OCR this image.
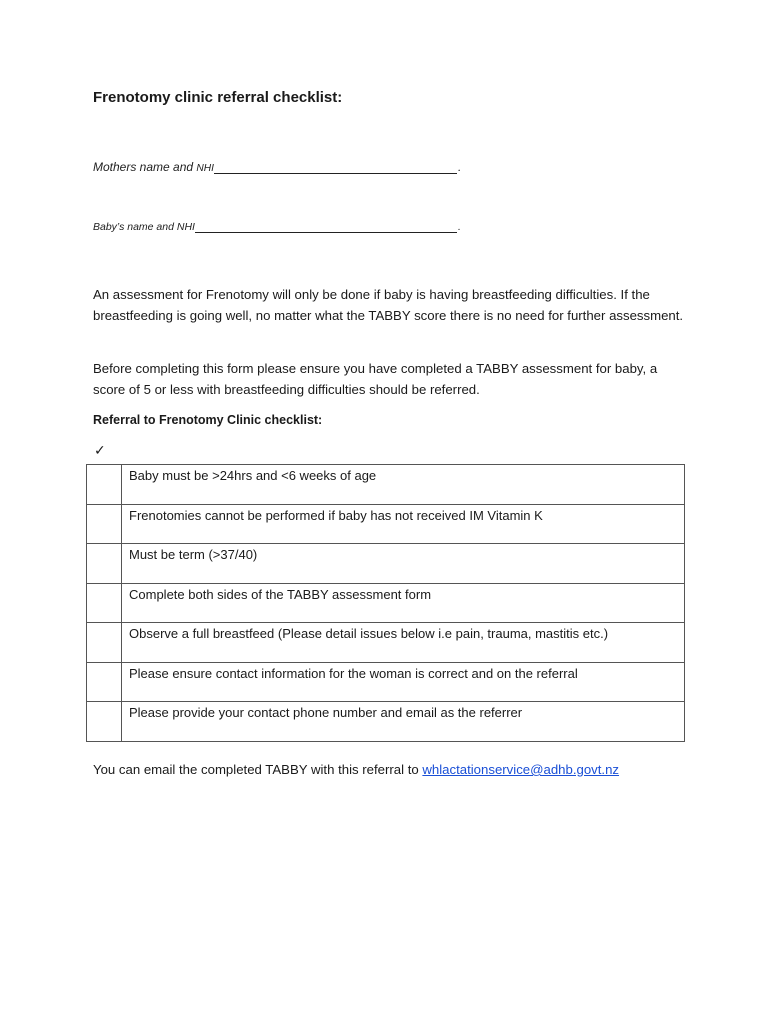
Frenotomy clinic referral checklist:
Mothers name and NHI	.
Baby’s name and NHI	.

An assessment for Frenotomy will only be done if baby is having breastfeeding difficulties. If the breastfeeding is going well, no matter what the TABBY score there is no need for further assessment.

Before completing this form please ensure you have completed a TABBY assessment for baby, a score of 5 or less with breastfeeding difficulties should be referred.

Referral to Frenotomy Clinic checklist:
✓
	Baby must be >24hrs and <6 weeks of age
	Frenotomies cannot be performed if baby has not received IM Vitamin K
	Must be term (>37/40)
	Complete both sides of the TABBY assessment form
	Observe a full breastfeed (Please detail issues below i.e pain, trauma, mastitis etc.)
	Please ensure contact information for the woman is correct and on the referral
	Please provide your contact phone number and email as the referrer

You can email the completed TABBY with this referral to whlactationservice@adhb.govt.nz
